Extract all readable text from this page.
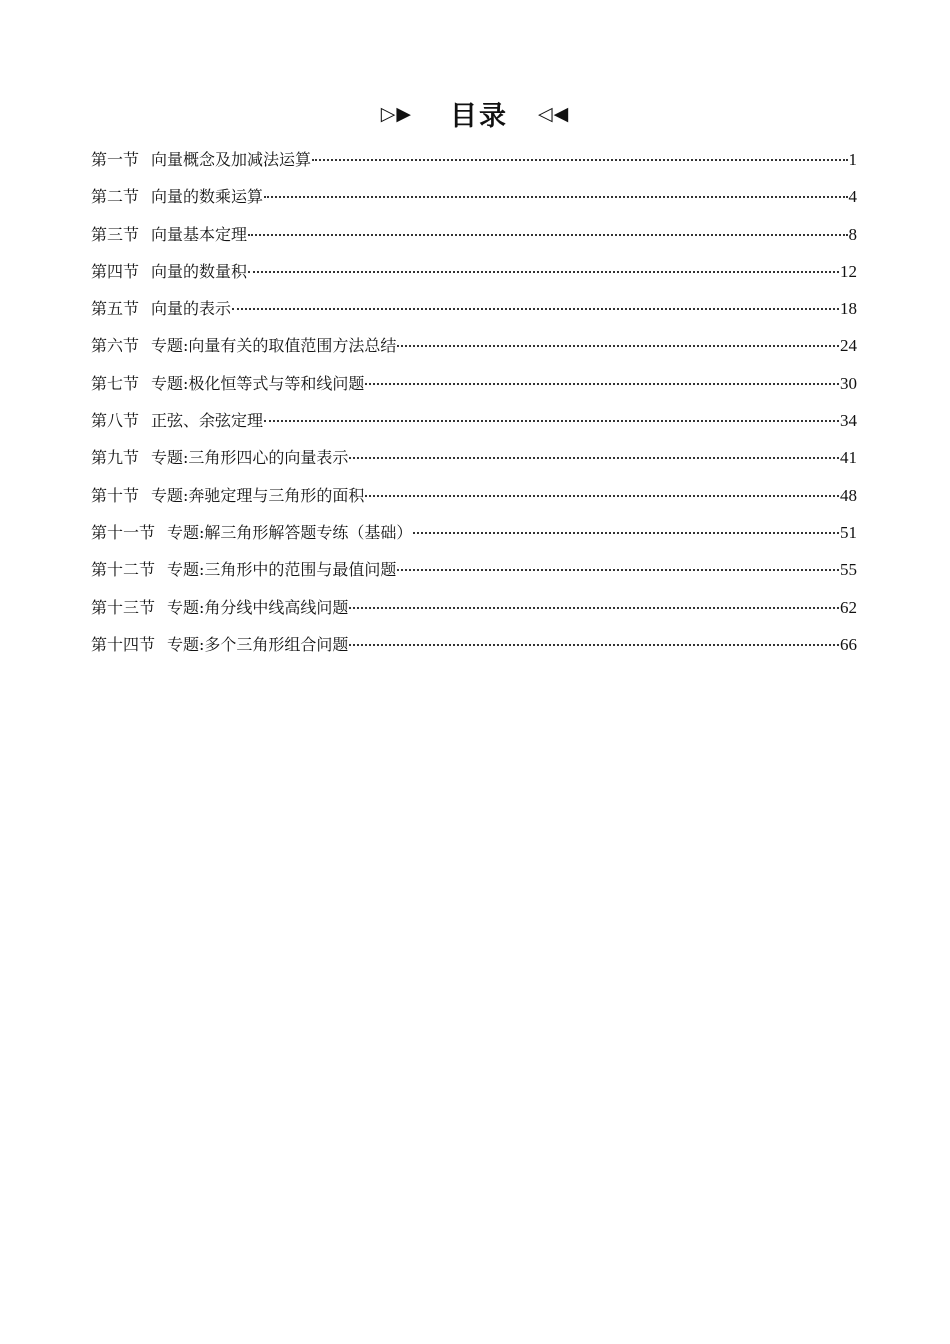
▷▶ 目录 ◁◀
第一节 向量概念及加减法运算	1
第二节 向量的数乘运算	4
第三节 向量基本定理	8
第四节 向量的数量积	12
第五节 向量的表示	18
第六节 专题:向量有关的取值范围方法总结	24
第七节 专题:极化恒等式与等和线问题	30
第八节 正弦、余弦定理	34
第九节 专题:三角形四心的向量表示	41
第十节 专题:奔驰定理与三角形的面积	48
第十一节 专题:解三角形解答题专练（基础）	51
第十二节 专题:三角形中的范围与最值问题	55
第十三节 专题:角分线中线高线问题	62
第十四节 专题:多个三角形组合问题	66
